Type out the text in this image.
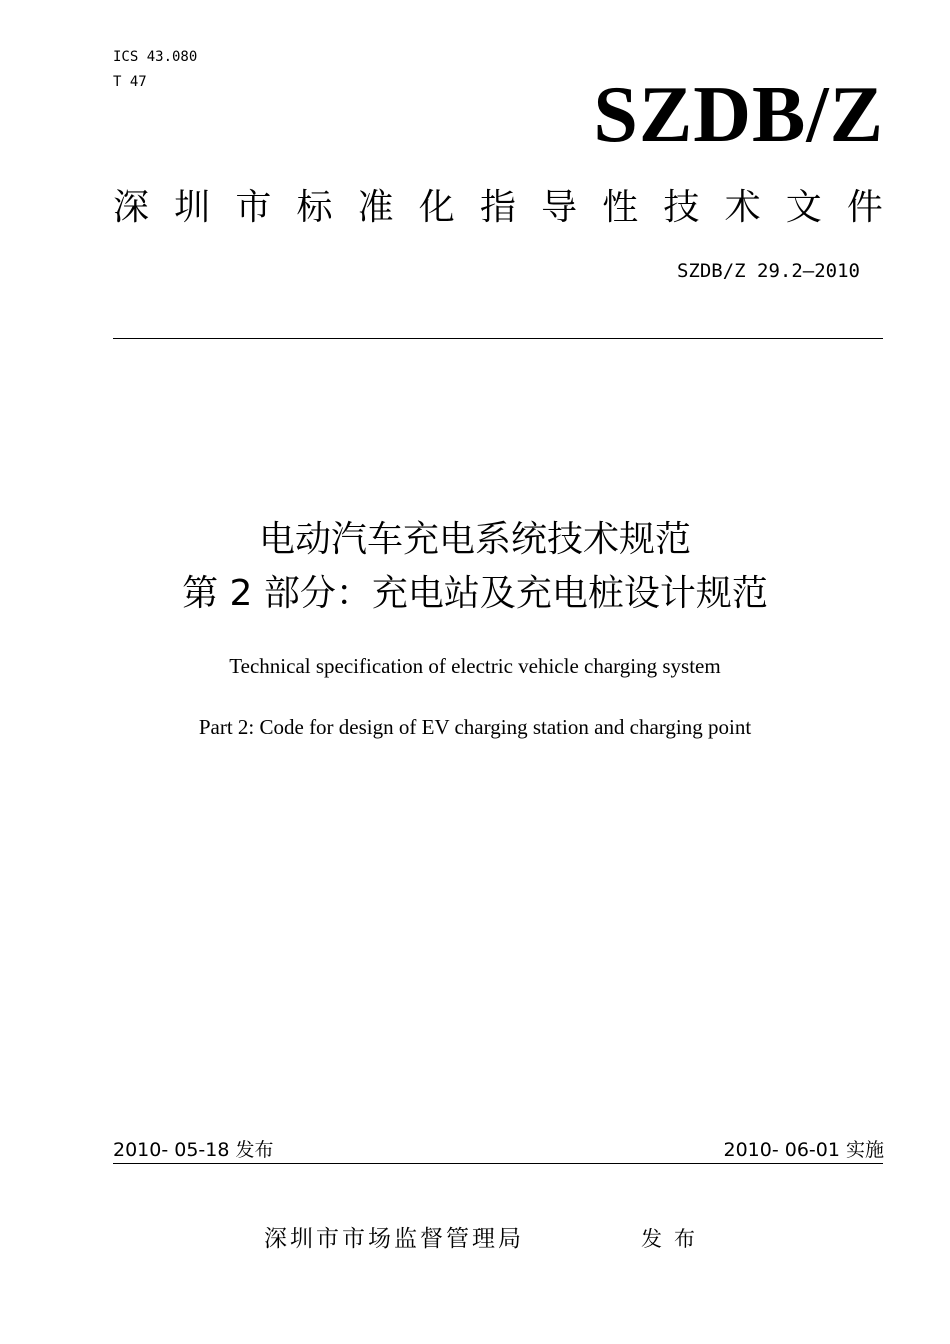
ICS 43.080
T 47	SZDB/Z
深 圳 市 标 准 化 指 导 性 技 术 文 件
SZDB/Z 29.2—2010
电动汽车充电系统技术规范
第 2 部分：充电站及充电桩设计规范
Technical specification of electric vehicle charging system
Part 2: Code for design of EV charging station and charging point
2010- 05-18 发布	2010- 06-01 实施
深圳市市场监督管理局	发布
